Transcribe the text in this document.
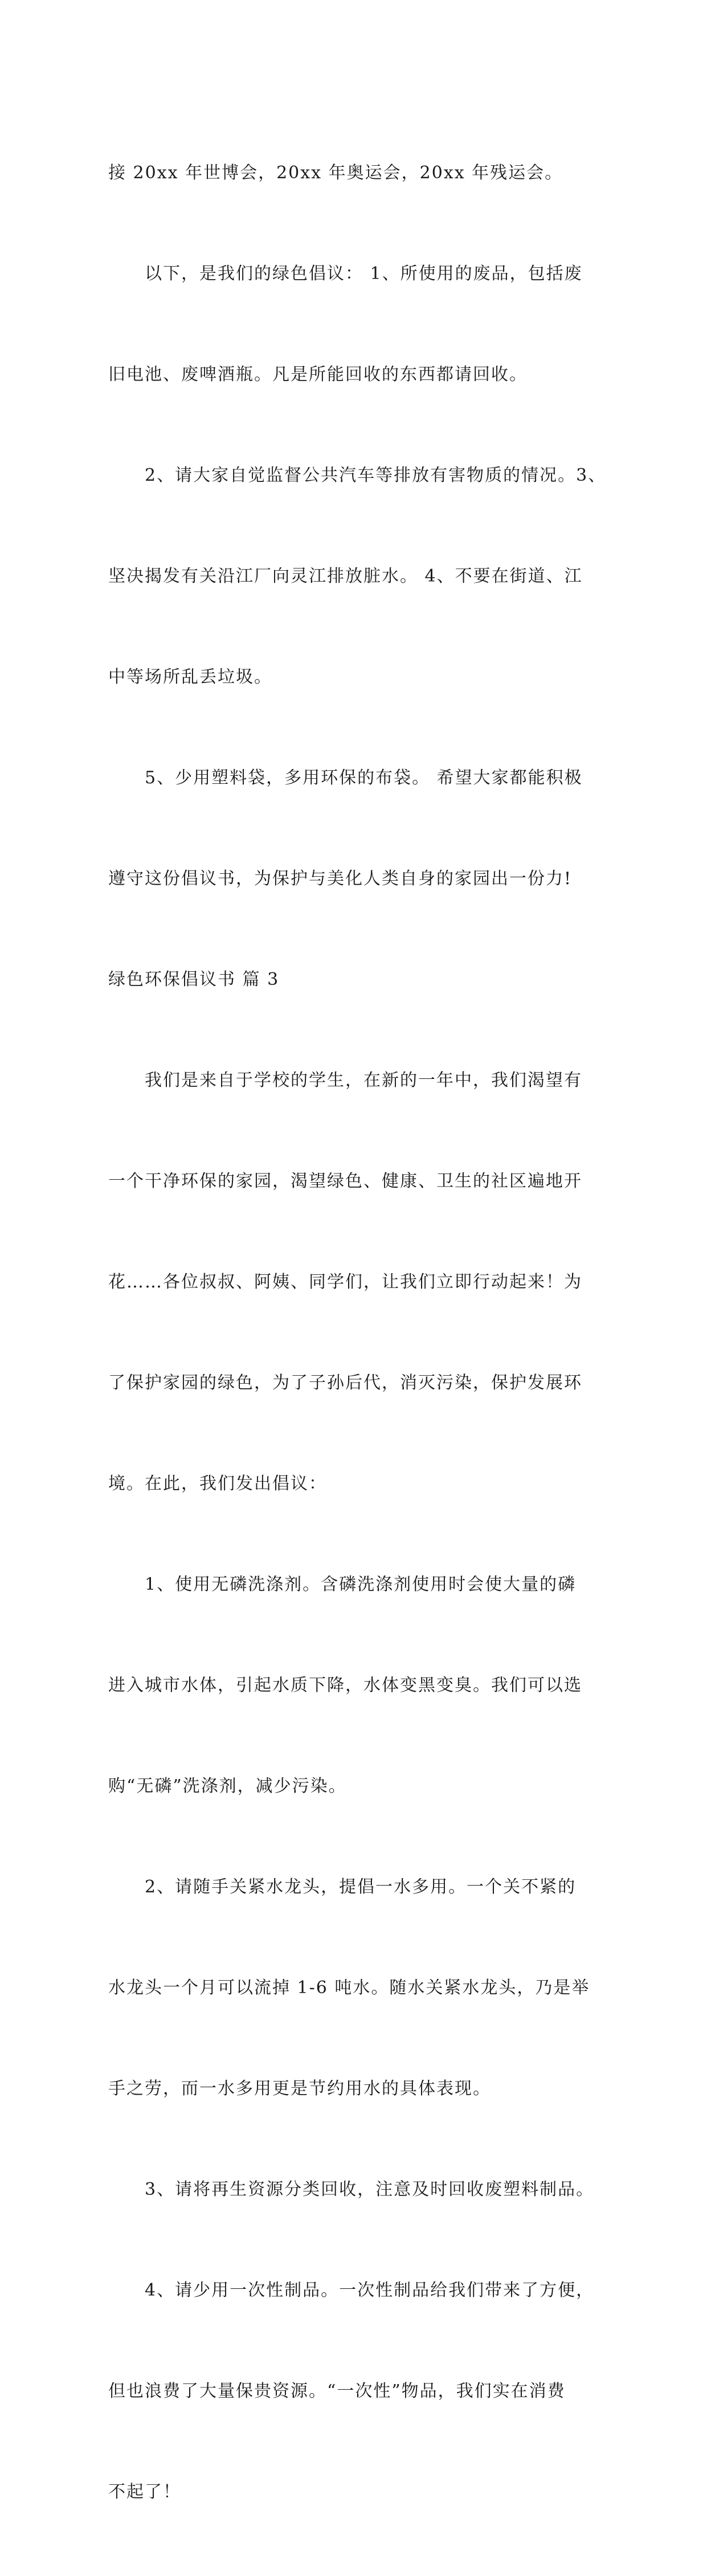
接 20xx 年世博会，20xx 年奥运会，20xx 年残运会。

以下，是我们的绿色倡议： 1、所使用的废品，包括废

旧电池、废啤酒瓶。凡是所能回收的东西都请回收。

2、请大家自觉监督公共汽车等排放有害物质的情况。3、

坚决揭发有关沿江厂向灵江排放脏水。 4、不要在街道、江

中等场所乱丢垃圾。

5、少用塑料袋，多用环保的布袋。 希望大家都能积极

遵守这份倡议书，为保护与美化人类自身的家园出一份力!

绿色环保倡议书 篇 3

我们是来自于学校的学生，在新的一年中，我们渴望有

一个干净环保的家园，渴望绿色、健康、卫生的社区遍地开

花……各位叔叔、阿姨、同学们，让我们立即行动起来！为

了保护家园的绿色，为了子孙后代，消灭污染，保护发展环

境。在此，我们发出倡议：

1、使用无磷洗涤剂。含磷洗涤剂使用时会使大量的磷

进入城市水体，引起水质下降，水体变黑变臭。我们可以选

购“无磷”洗涤剂，减少污染。

2、请随手关紧水龙头，提倡一水多用。一个关不紧的

水龙头一个月可以流掉 1-6 吨水。随水关紧水龙头，乃是举

手之劳，而一水多用更是节约用水的具体表现。

3、请将再生资源分类回收，注意及时回收废塑料制品。

4、请少用一次性制品。一次性制品给我们带来了方便，

但也浪费了大量保贵资源。“一次性”物品，我们实在消费

不起了！
